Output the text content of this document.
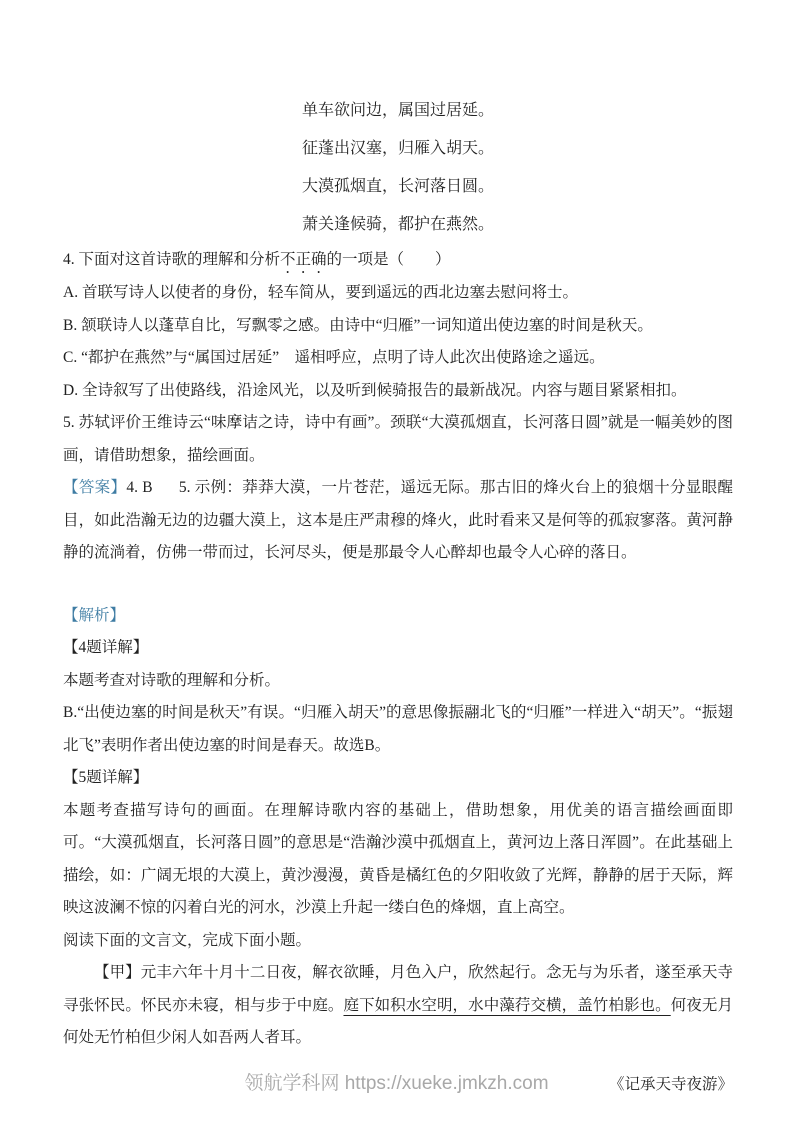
单车欲问边，属国过居延。
征蓬出汉塞，归雁入胡天。
大漠孤烟直，长河落日圆。
萧关逢候骑，都护在燕然。

4. 下面对这首诗歌的理解和分析不正确的一项是（　　）

A. 首联写诗人以使者的身份，轻车简从，要到遥远的西北边塞去慰问将士。

B. 颔联诗人以蓬草自比，写飘零之感。由诗中“归雁”一词知道出使边塞的时间是秋天。

C. “都护在燕然”与“属国过居延”　遥相呼应，点明了诗人此次出使路途之遥远。

D. 全诗叙写了出使路线，沿途风光，以及听到候骑报告的最新战况。内容与题目紧紧相扣。

5. 苏轼评价王维诗云“味摩诘之诗，诗中有画”。颈联“大漠孤烟直，长河落日圆”就是一幅美妙的图画，请借助想象，描绘画面。

【答案】4. B 5. 示例：莽莽大漠，一片苍茫，遥远无际。那古旧的烽火台上的狼烟十分显眼醒目，如此浩瀚无边的边疆大漠上，这本是庄严肃穆的烽火，此时看来又是何等的孤寂寥落。黄河静静的流淌着，仿佛一带而过，长河尽头，便是那最令人心醉却也最令人心碎的落日。

【解析】

【4题详解】

本题考查对诗歌的理解和分析。

B.“出使边塞的时间是秋天”有误。“归雁入胡天”的意思像振翮北飞的“归雁”一样进入“胡天”。“振翅北飞”表明作者出使边塞的时间是春天。故选B。

【5题详解】

本题考查描写诗句的画面。在理解诗歌内容的基础上，借助想象，用优美的语言描绘画面即可。“大漠孤烟直，长河落日圆”的意思是“浩瀚沙漠中孤烟直上，黄河边上落日浑圆”。在此基础上描绘，如：广阔无垠的大漠上，黄沙漫漫，黄昏是橘红色的夕阳收敛了光辉，静静的居于天际，辉映这波澜不惊的闪着白光的河水，沙漠上升起一缕白色的烽烟，直上高空。

阅读下面的文言文，完成下面小题。

【甲】元丰六年十月十二日夜，解衣欲睡，月色入户，欣然起行。念无与为乐者，遂至承天寺寻张怀民。怀民亦未寝，相与步于中庭。庭下如积水空明，水中藻荇交横，盖竹柏影也。何夜无月何处无竹柏但少闲人如吾两人者耳。

《记承天寺夜游》

领航学科网 https://xueke.jmkzh.com
